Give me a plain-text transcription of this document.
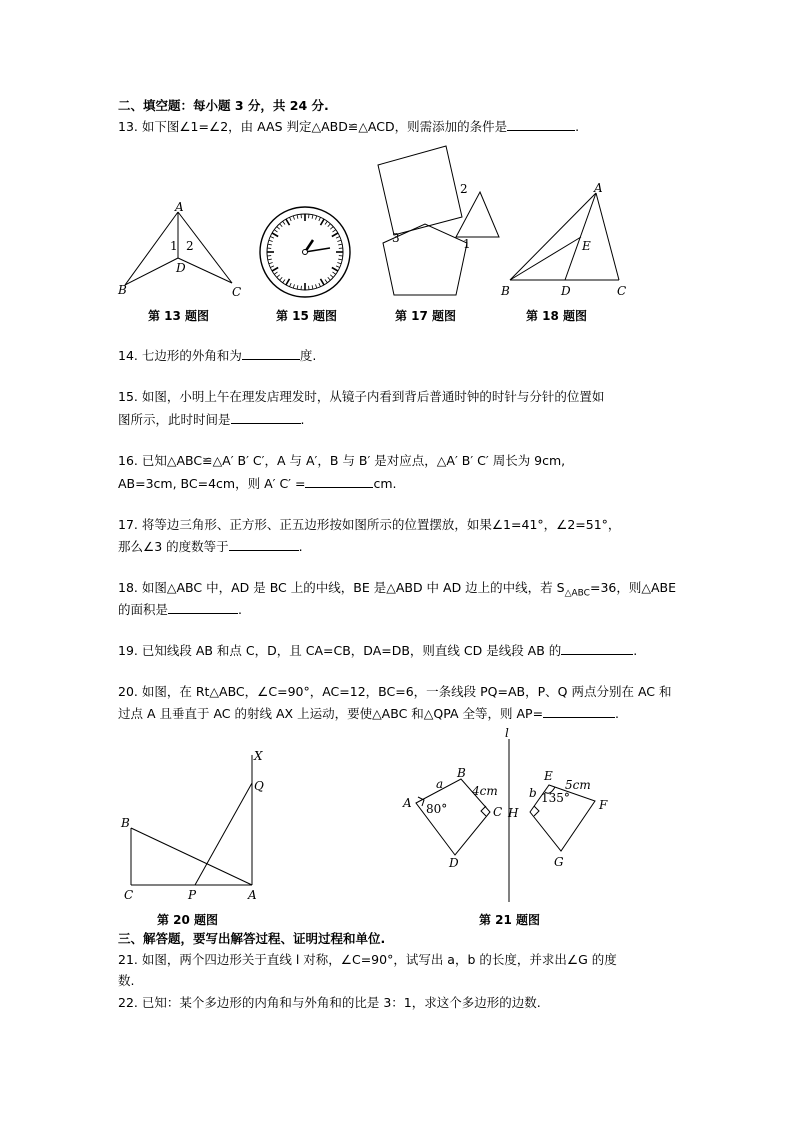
二、填空题：每小题 3 分，共 24 分.
13. 如下图∠1=∠2，由 AAS 判定△ABD≌△ACD，则需添加的条件是	.
A
B	C
D
1 2
第 13 题图	第 15 题图
2
1
3
第 17 题图
A
B	C
D
E
第 18 题图
14. 七边形的外角和为	度.
15. 如图，小明上午在理发店理发时，从镜子内看到背后普通时钟的时针与分针的位置如
图所示，此时时间是	.
16. 已知△ABC≌△A′ B′ C′，A 与 A′，B 与 B′ 是对应点，△A′ B′ C′ 周长为 9cm,
AB=3cm, BC=4cm，则 A′ C′ =	cm.
17. 将等边三角形、正方形、正五边形按如图所示的位置摆放，如果∠1=41°，∠2=51°，
那么∠3 的度数等于	.
18. 如图△ABC 中，AD 是 BC 上的中线，BE 是△ABD 中 AD 边上的中线，若 $S_{\triangle ABC}=36$，则△ABE
的面积是	.
19. 已知线段 AB 和点 C，D，且 CA=CB，DA=DB，则直线 CD 是线段 AB 的	.
20. 如图，在 Rt△ABC，∠C=90°，AC=12，BC=6，一条线段 PQ=AB，P、Q 两点分别在 AC 和
过点 A 且垂直于 AC 的射线 AX 上运动，要使△ABC 和△QPA 全等，则 AP=	.
X
Q
B
C	P	A
第 20 题图
l
a
B
4cm
A 80°	C
D
H
E
5cm
b 135° F
G
第 21 题图
三、解答题，要写出解答过程、证明过程和单位.
21. 如图，两个四边形关于直线 l 对称，∠C=90°，试写出 a，b 的长度，并求出∠G 的度
数.
22. 已知：某个多边形的内角和与外角和的比是 3：1，求这个多边形的边数.
